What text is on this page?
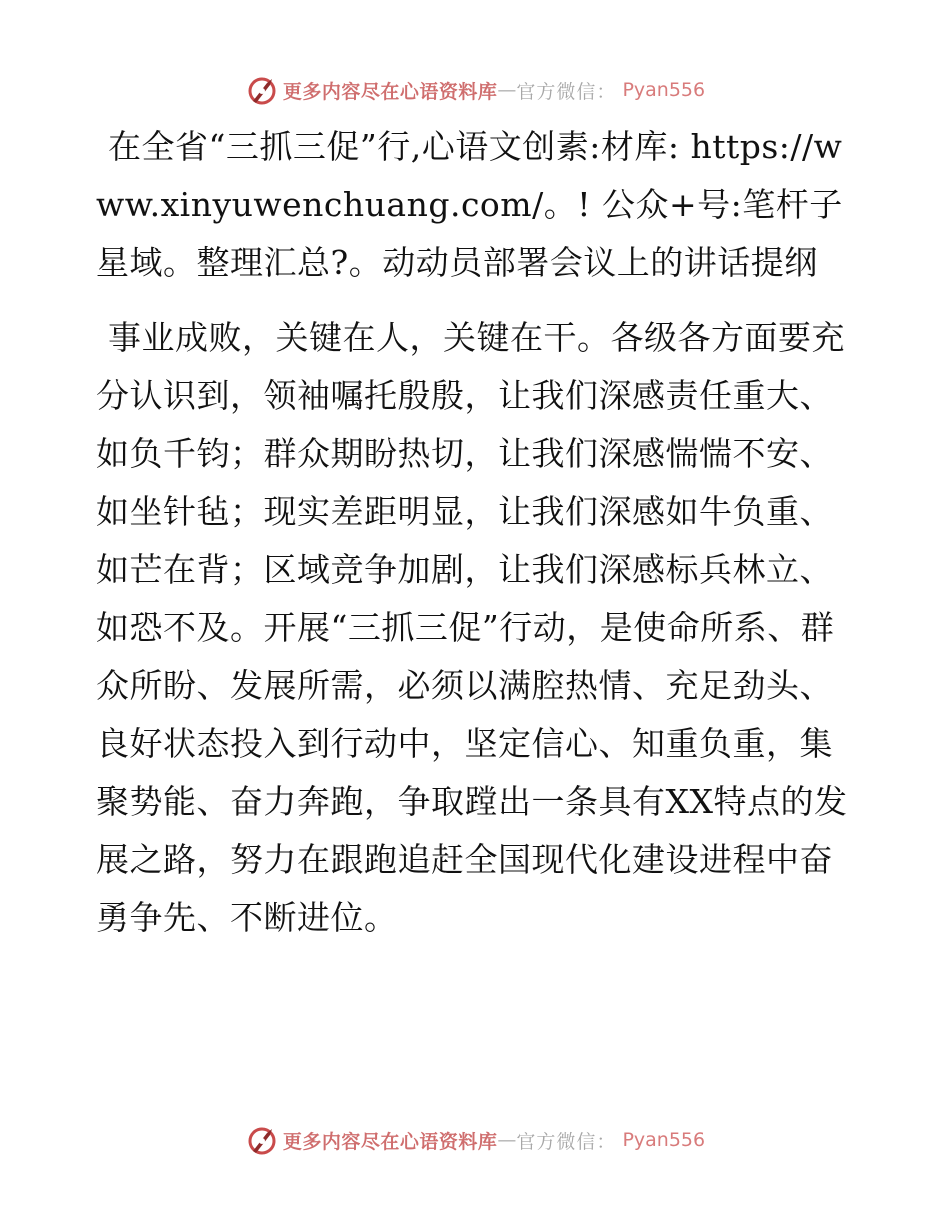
更多内容尽在心语资料库 — 官方微信： Pyan556

在全省“三抓三促”行,心语文创素:材库: https://www.xinyuwenchuang.com/。! 公众+号:笔杆子星域。整理汇总?。动动员部署会议上的讲话提纲

事业成败，关键在人，关键在干。各级各方面要充分认识到，领袖嘱托殷殷，让我们深感责任重大、如负千钧；群众期盼热切，让我们深感惴惴不安、如坐针毡；现实差距明显，让我们深感如牛负重、如芒在背；区域竞争加剧，让我们深感标兵林立、如恐不及。开展“三抓三促”行动，是使命所系、群众所盼、发展所需，必须以满腔热情、充足劲头、良好状态投入到行动中，坚定信心、知重负重，集聚势能、奋力奔跑，争取蹚出一条具有XX特点的发展之路，努力在跟跑追赶全国现代化建设进程中奋勇争先、不断进位。

更多内容尽在心语资料库 — 官方微信： Pyan556
